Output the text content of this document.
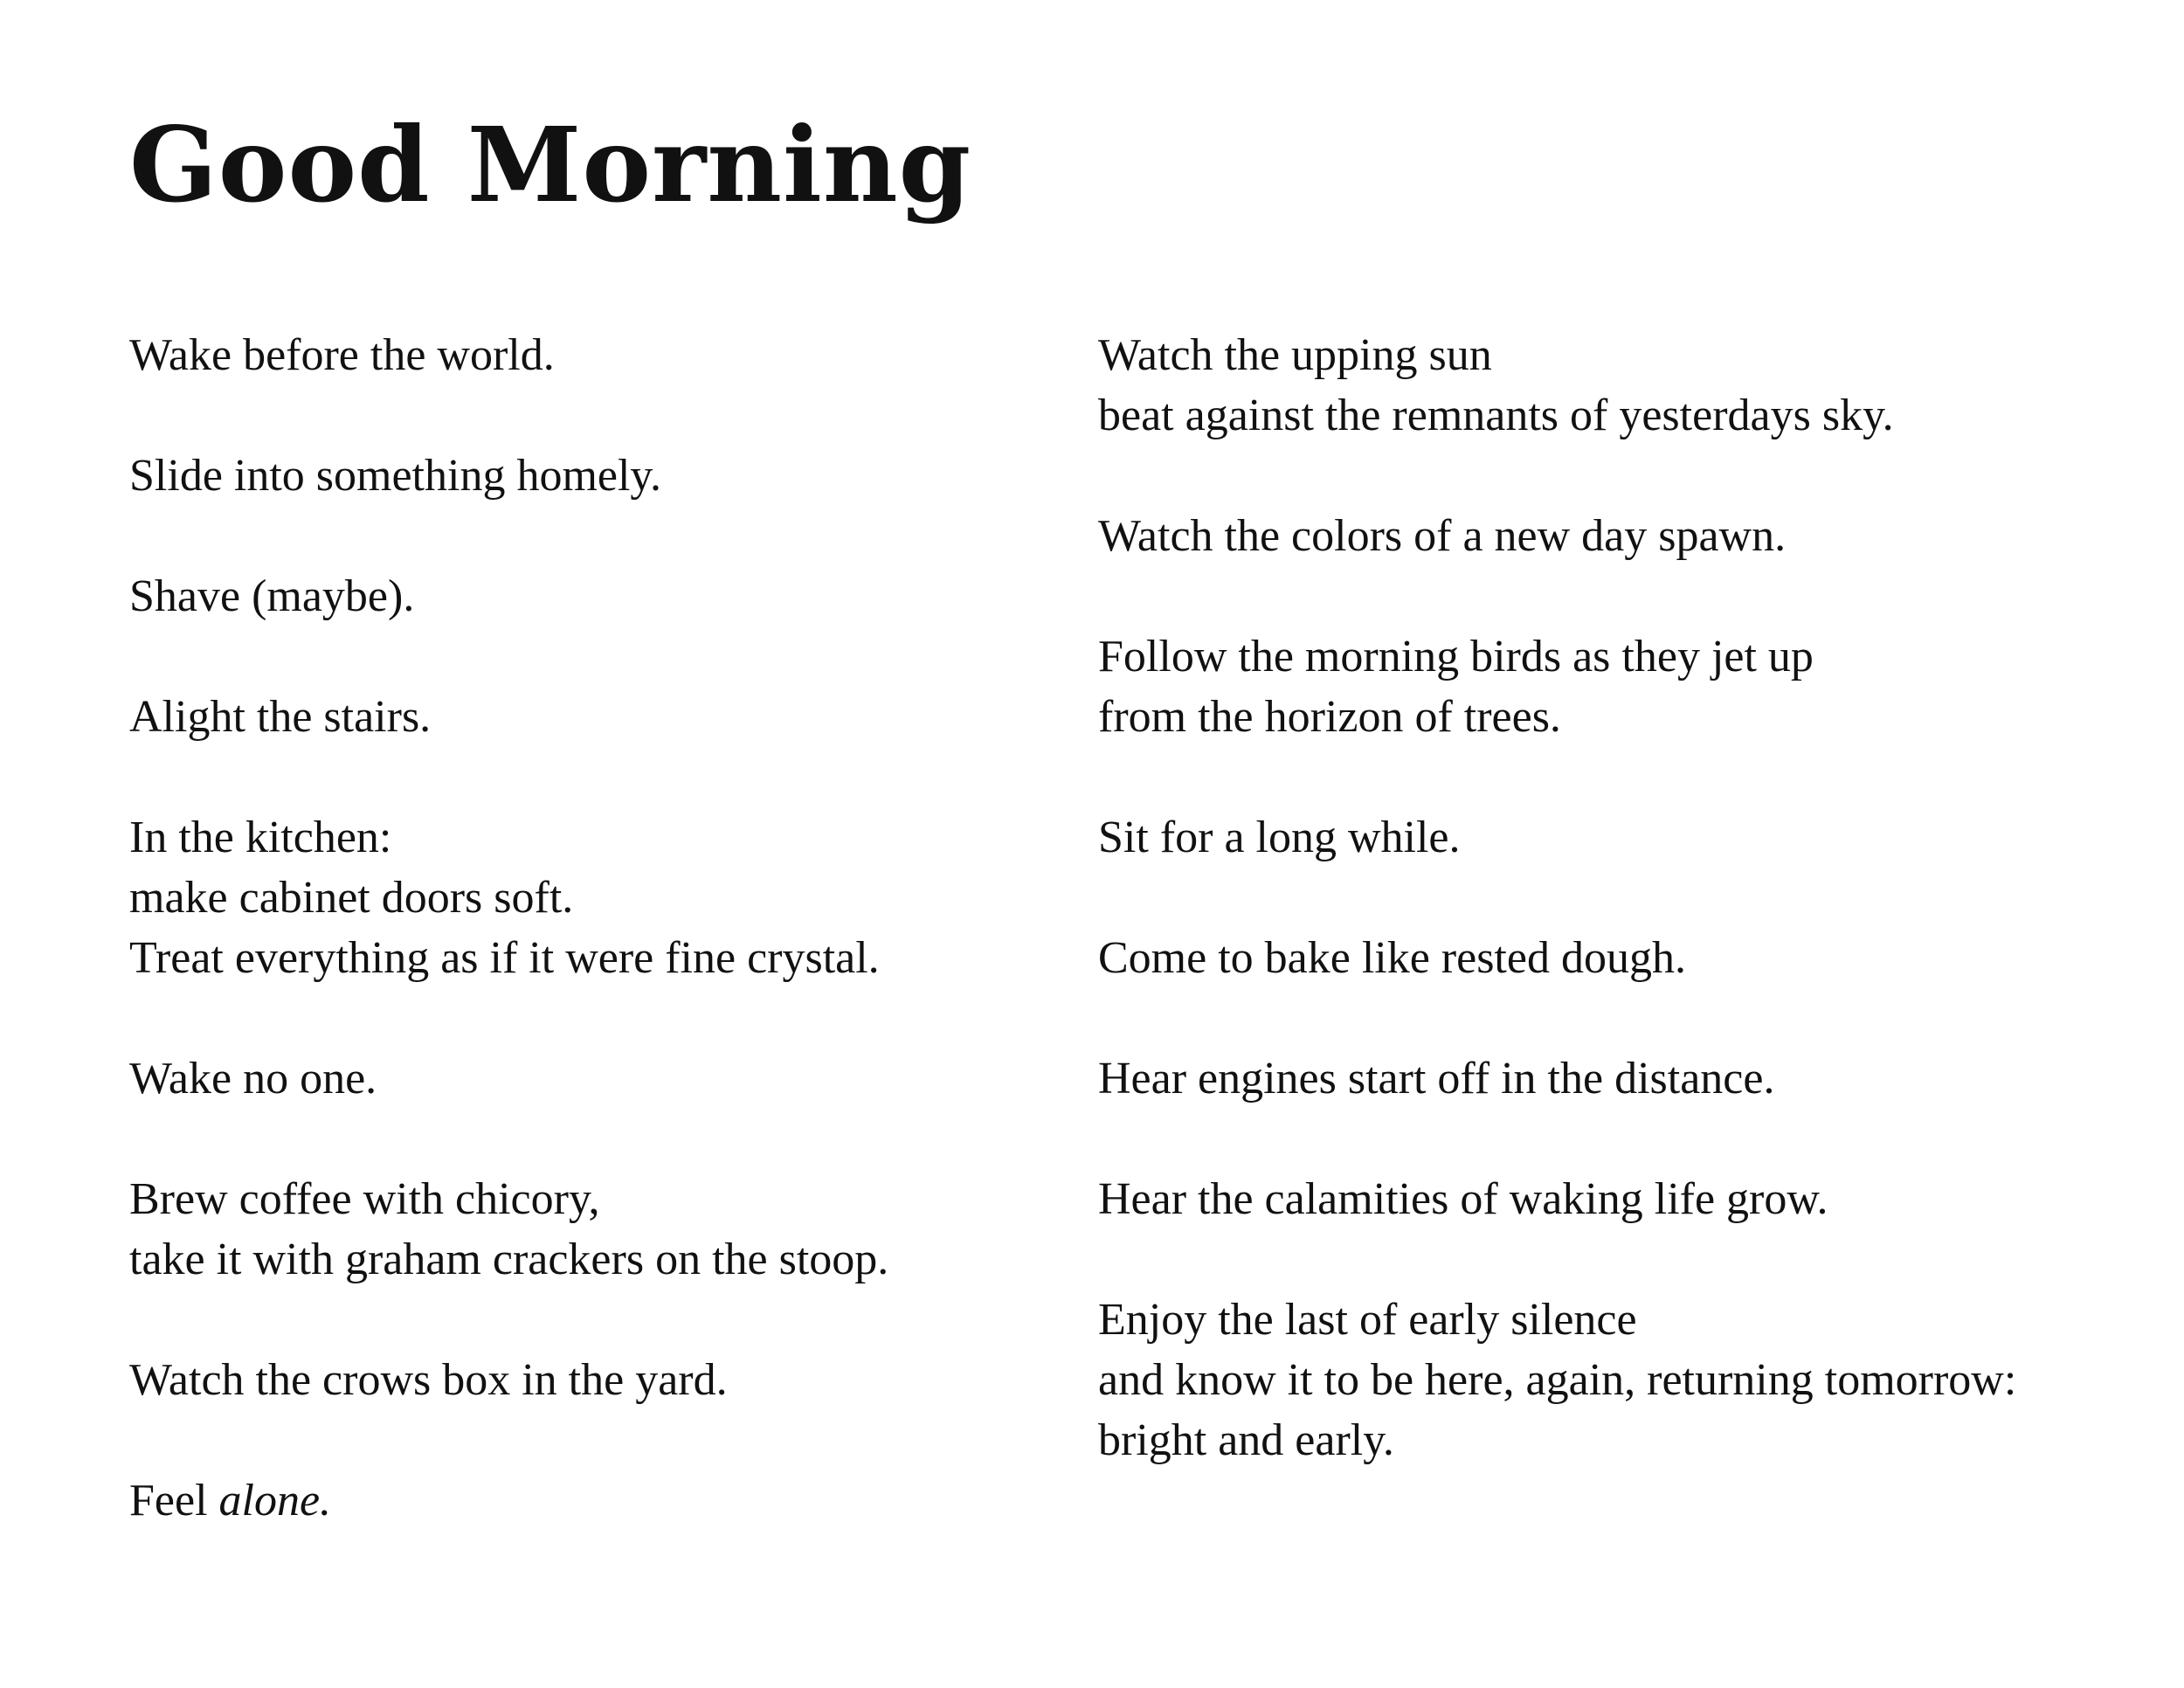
Good Morning
Wake before the world.
Slide into something homely.
Shave (maybe).
Alight the stairs.
In the kitchen:
make cabinet doors soft.
Treat everything as if it were fine crystal.
Wake no one.
Brew coffee with chicory,
take it with graham crackers on the stoop.
Watch the crows box in the yard.
Feel alone.
Watch the upping sun
beat against the remnants of yesterdays sky.
Watch the colors of a new day spawn.
Follow the morning birds as they jet up
from the horizon of trees.
Sit for a long while.
Come to bake like rested dough.
Hear engines start off in the distance.
Hear the calamities of waking life grow.
Enjoy the last of early silence
and know it to be here, again, returning tomorrow:
bright and early.
